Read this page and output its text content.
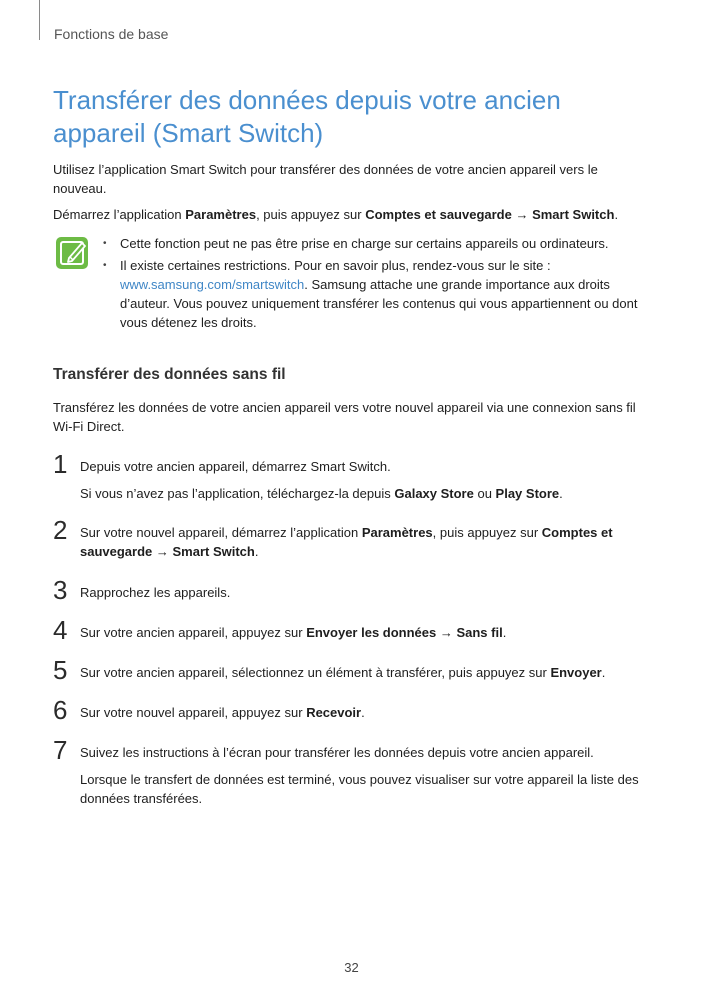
Fonctions de base
Transférer des données depuis votre ancien appareil (Smart Switch)

Utilisez l’application Smart Switch pour transférer des données de votre ancien appareil vers le nouveau.

Démarrez l’application Paramètres, puis appuyez sur Comptes et sauvegarde → Smart Switch.

• Cette fonction peut ne pas être prise en charge sur certains appareils ou ordinateurs.
• Il existe certaines restrictions. Pour en savoir plus, rendez-vous sur le site :
www.samsung.com/smartswitch. Samsung attache une grande importance aux droits d’auteur. Vous pouvez uniquement transférer les contenus qui vous appartiennent ou dont vous détenez les droits.
Transférer des données sans fil

Transférez les données de votre ancien appareil vers votre nouvel appareil via une connexion sans fil Wi-Fi Direct.

1 Depuis votre ancien appareil, démarrez Smart Switch.

Si vous n’avez pas l’application, téléchargez-la depuis Galaxy Store ou Play Store.

2 Sur votre nouvel appareil, démarrez l’application Paramètres, puis appuyez sur Comptes et sauvegarde → Smart Switch.

3 Rapprochez les appareils.

4 Sur votre ancien appareil, appuyez sur Envoyer les données → Sans fil.

5 Sur votre ancien appareil, sélectionnez un élément à transférer, puis appuyez sur Envoyer.

6 Sur votre nouvel appareil, appuyez sur Recevoir.

7 Suivez les instructions à l’écran pour transférer les données depuis votre ancien appareil.

Lorsque le transfert de données est terminé, vous pouvez visualiser sur votre appareil la liste des données transférées.

32
